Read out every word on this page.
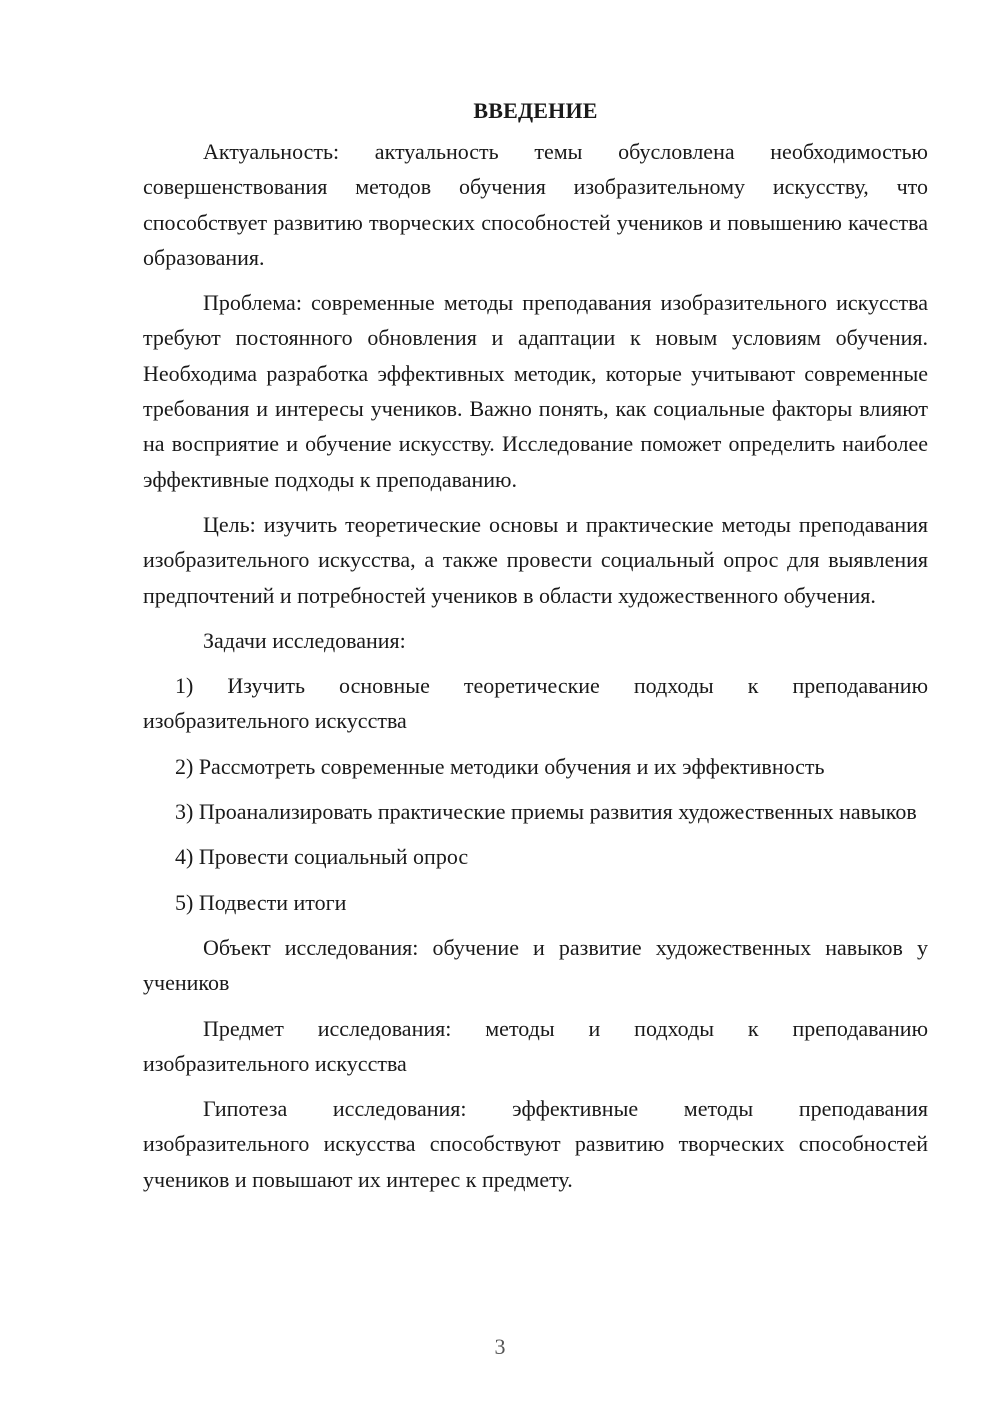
ВВЕДЕНИЕ

Актуальность: актуальность темы обусловлена необходимостью совершенствования методов обучения изобразительному искусству, что способствует развитию творческих способностей учеников и повышению качества образования.

Проблема: современные методы преподавания изобразительного искусства требуют постоянного обновления и адаптации к новым условиям обучения. Необходима разработка эффективных методик, которые учитывают современные требования и интересы учеников. Важно понять, как социальные факторы влияют на восприятие и обучение искусству. Исследование поможет определить наиболее эффективные подходы к преподаванию.

Цель: изучить теоретические основы и практические методы преподавания изобразительного искусства, а также провести социальный опрос для выявления предпочтений и потребностей учеников в области художественного обучения.

Задачи исследования:

1) Изучить основные теоретические подходы к преподаванию изобразительного искусства

2) Рассмотреть современные методики обучения и их эффективность

3) Проанализировать практические приемы развития художественных навыков

4) Провести социальный опрос

5) Подвести итоги

Объект исследования: обучение и развитие художественных навыков у учеников

Предмет исследования: методы и подходы к преподаванию изобразительного искусства

Гипотеза исследования: эффективные методы преподавания изобразительного искусства способствуют развитию творческих способностей учеников и повышают их интерес к предмету.

3
